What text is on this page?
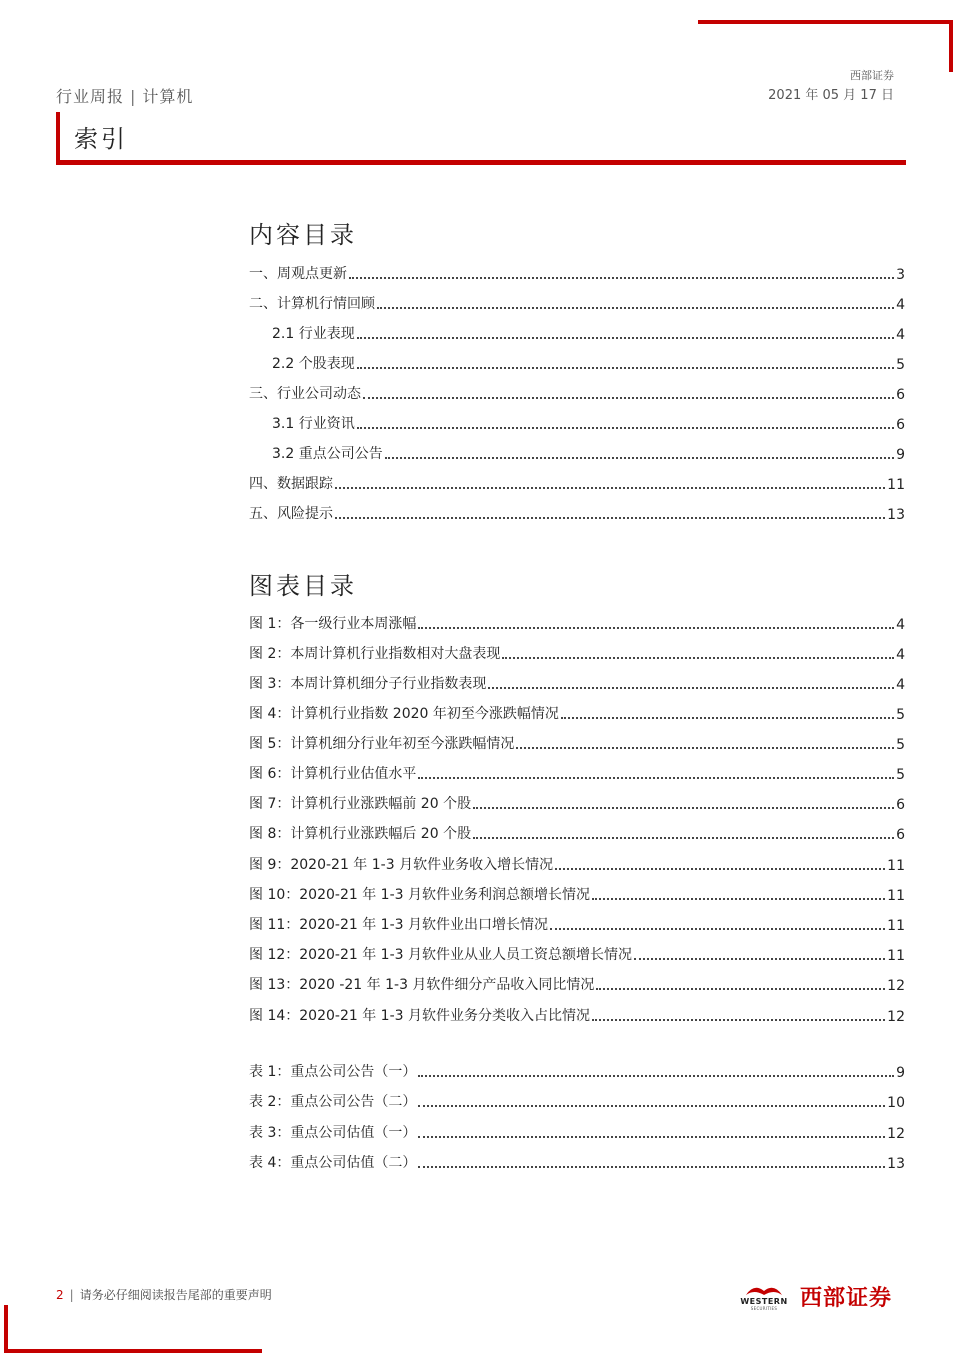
行业周报 | 计算机
西部证券
2021 年 05 月 17 日
索引
内容目录
一、周观点更新	3
二、计算机行情回顾	4
2.1 行业表现	4
2.2 个股表现	5
三、行业公司动态	6
3.1 行业资讯	6
3.2 重点公司公告	9
四、数据跟踪	11
五、风险提示	13
图表目录
图 1：各一级行业本周涨幅	4
图 2：本周计算机行业指数相对大盘表现	4
图 3：本周计算机细分子行业指数表现	4
图 4：计算机行业指数 2020 年初至今涨跌幅情况	5
图 5：计算机细分行业年初至今涨跌幅情况	5
图 6：计算机行业估值水平	5
图 7：计算机行业涨跌幅前 20 个股	6
图 8：计算机行业涨跌幅后 20 个股	6
图 9：2020-21 年 1-3 月软件业务收入增长情况	11
图 10：2020-21 年 1-3 月软件业务利润总额增长情况	11
图 11：2020-21 年 1-3 月软件业出口增长情况	11
图 12：2020-21 年 1-3 月软件业从业人员工资总额增长情况	11
图 13：2020 -21 年 1-3 月软件细分产品收入同比情况	12
图 14：2020-21 年 1-3 月软件业务分类收入占比情况	12
表 1：重点公司公告（一）	9
表 2：重点公司公告（二）	10
表 3：重点公司估值（一）	12
表 4：重点公司估值（二）	13
2 | 请务必仔细阅读报告尾部的重要声明	WESTERN
SECURITIES 西部证券
